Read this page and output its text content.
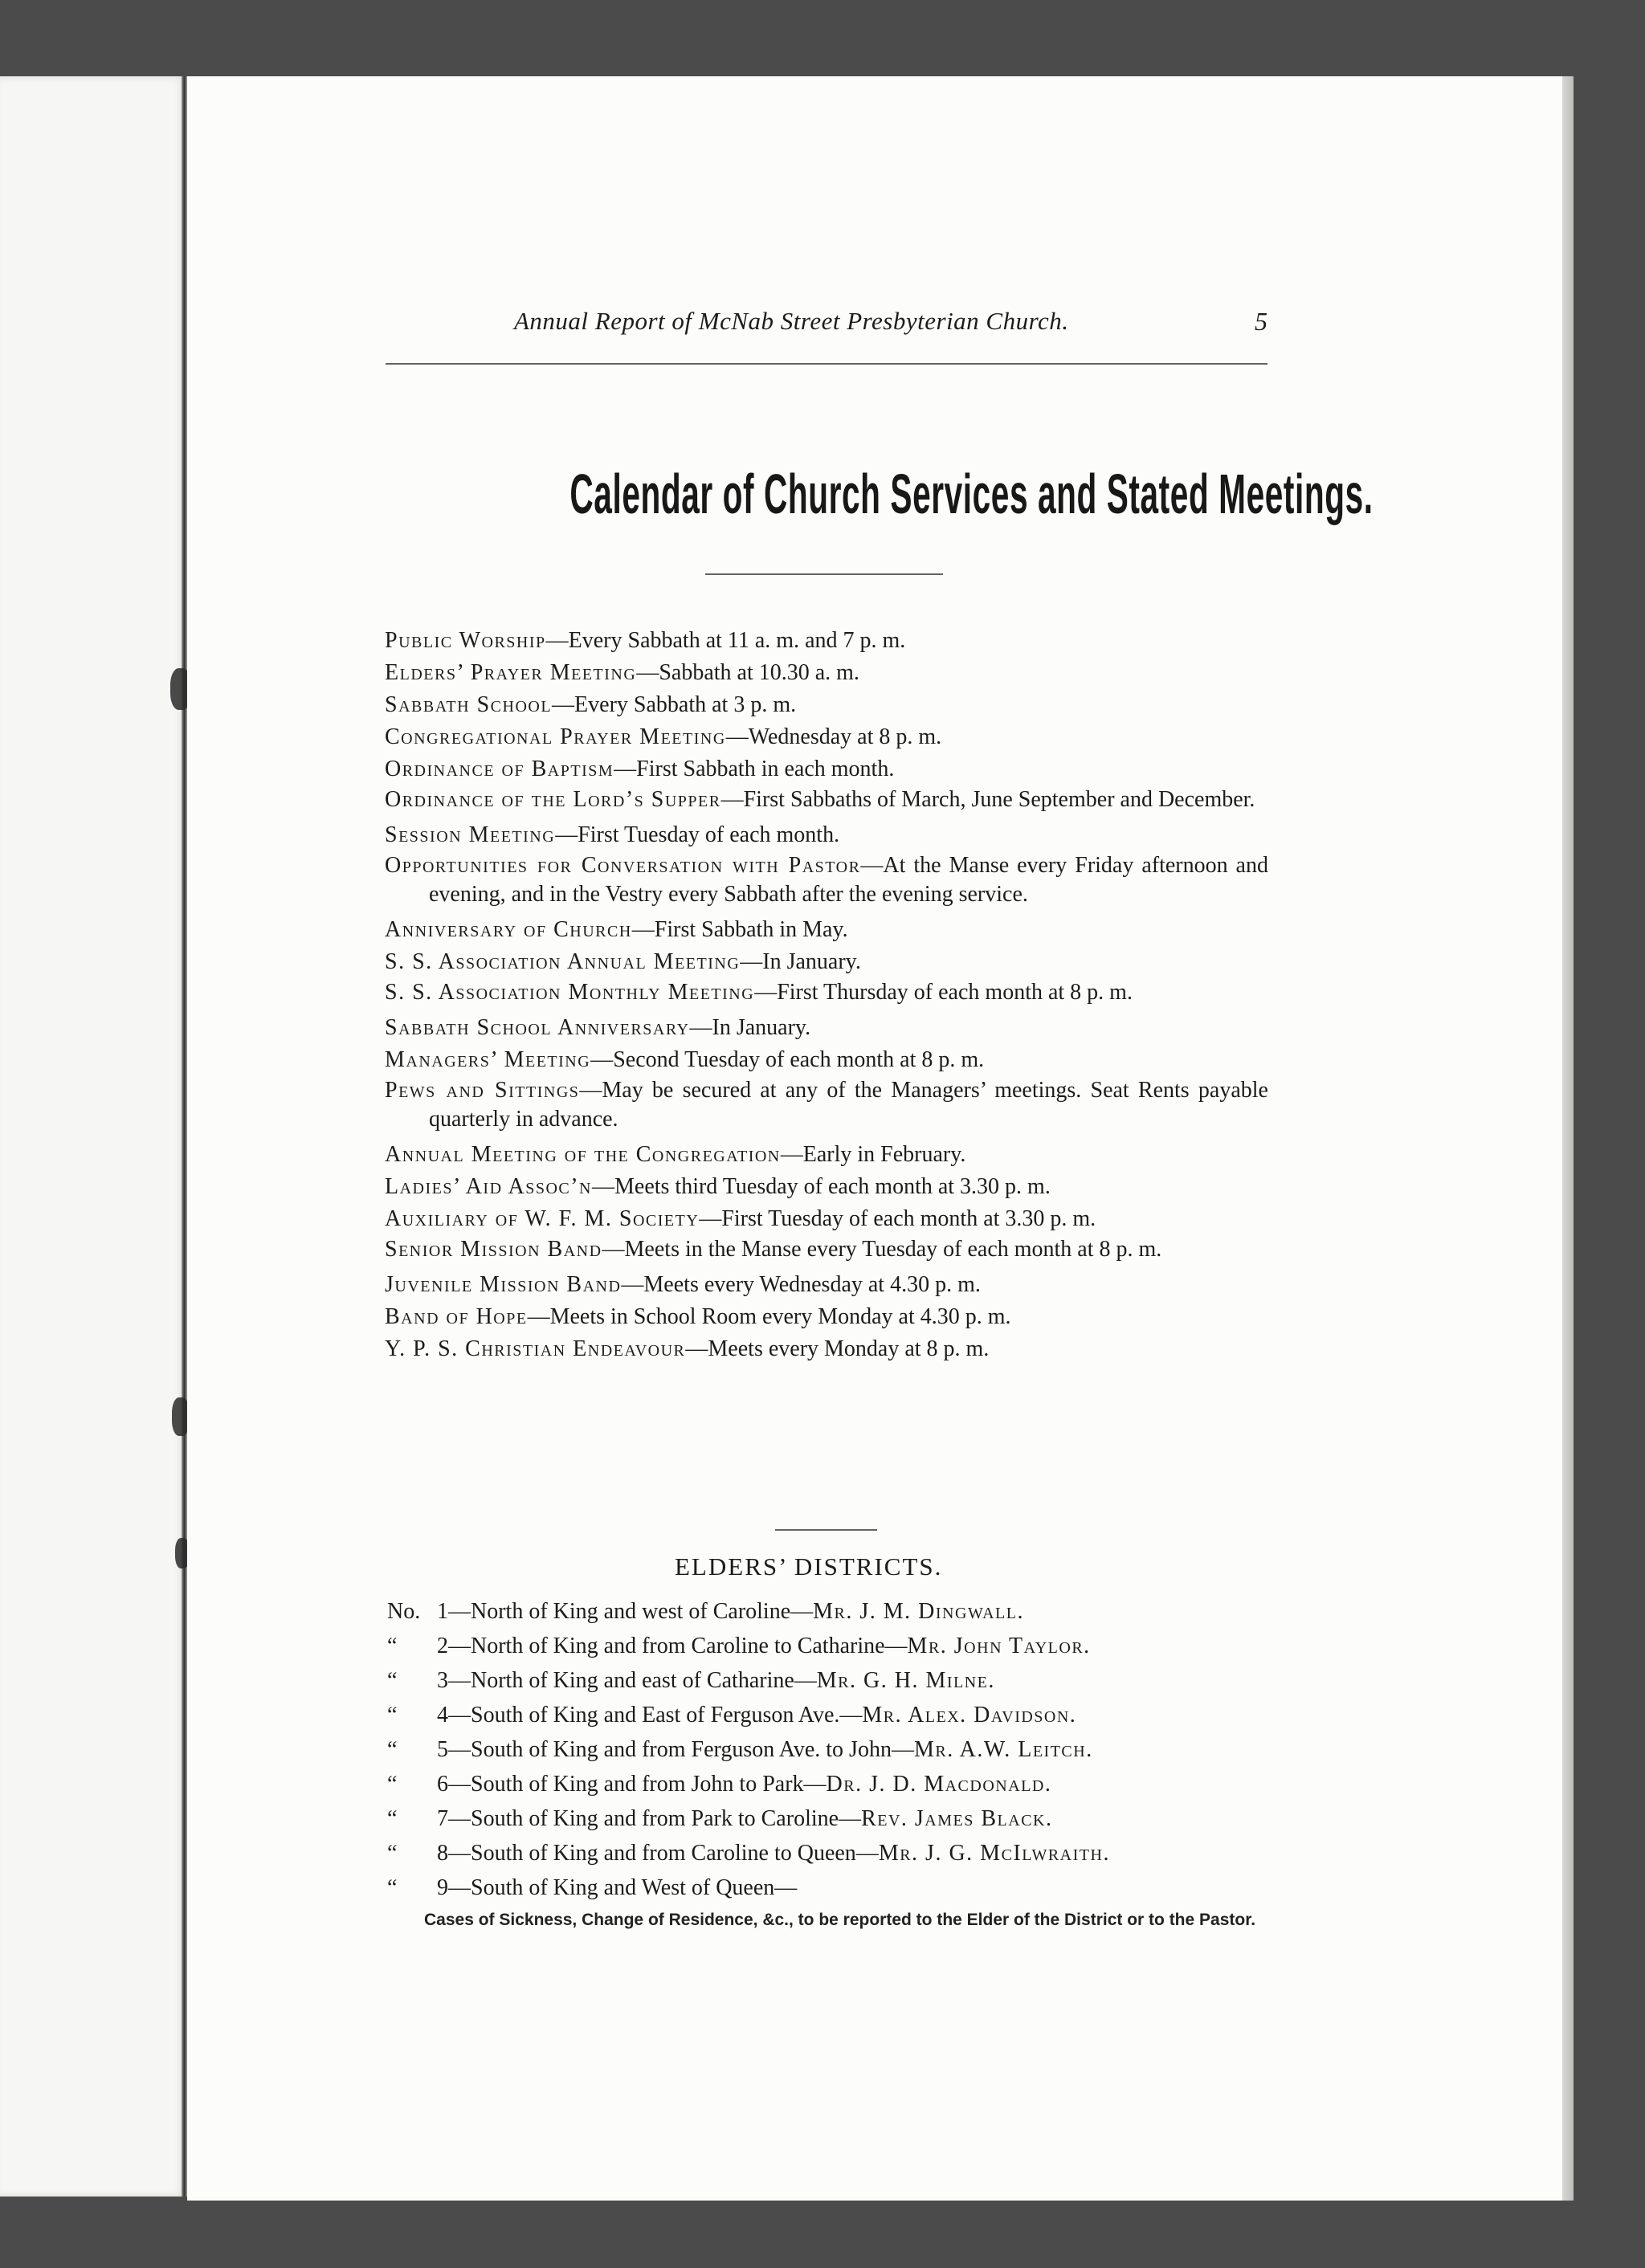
Annual Report of McNab Street Presbyterian Church.	5
Calendar of Church Services and Stated Meetings.

Public Worship—Every Sabbath at 11 a. m. and 7 p. m.

Elders’ Prayer Meeting—Sabbath at 10.30 a. m.

Sabbath School—Every Sabbath at 3 p. m.

Congregational Prayer Meeting—Wednesday at 8 p. m.

Ordinance of Baptism—First Sabbath in each month.

Ordinance of the Lord’s Supper—First Sabbaths of March, June September and December.

Session Meeting—First Tuesday of each month.

Opportunities for Conversation with Pastor—At the Manse every Friday afternoon and evening, and in the Vestry every Sabbath after the evening service.

Anniversary of Church—First Sabbath in May.

S. S. Association Annual Meeting—In January.

S. S. Association Monthly Meeting—First Thursday of each month at 8 p. m.

Sabbath School Anniversary—In January.

Managers’ Meeting—Second Tuesday of each month at 8 p. m.

Pews and Sittings—May be secured at any of the Managers’ meetings. Seat Rents payable quarterly in advance.

Annual Meeting of the Congregation—Early in February.

Ladies’ Aid Assoc’n—Meets third Tuesday of each month at 3.30 p. m.

Auxiliary of W. F. M. Society—First Tuesday of each month at 3.30 p. m.

Senior Mission Band—Meets in the Manse every Tuesday of each month at 8 p. m.

Juvenile Mission Band—Meets every Wednesday at 4.30 p. m.

Band of Hope—Meets in School Room every Monday at 4.30 p. m.

Y. P. S. Christian Endeavour—Meets every Monday at 8 p. m.

ELDERS’ DISTRICTS.
No. 1—North of King and west of Caroline—Mr. J. M. Dingwall.
“ 2—North of King and from Caroline to Catharine—Mr. John Taylor.
“ 3—North of King and east of Catharine—Mr. G. H. Milne.
“ 4—South of King and East of Ferguson Ave.—Mr. Alex. Davidson.
“ 5—South of King and from Ferguson Ave. to John—Mr. A.W. Leitch.
“ 6—South of King and from John to Park—Dr. J. D. Macdonald.
“ 7—South of King and from Park to Caroline—Rev. James Black.
“ 8—South of King and from Caroline to Queen—Mr. J. G. McIlwraith.
“ 9—South of King and West of Queen—
Cases of Sickness, Change of Residence, &c., to be reported to the Elder of the District or to the Pastor.
